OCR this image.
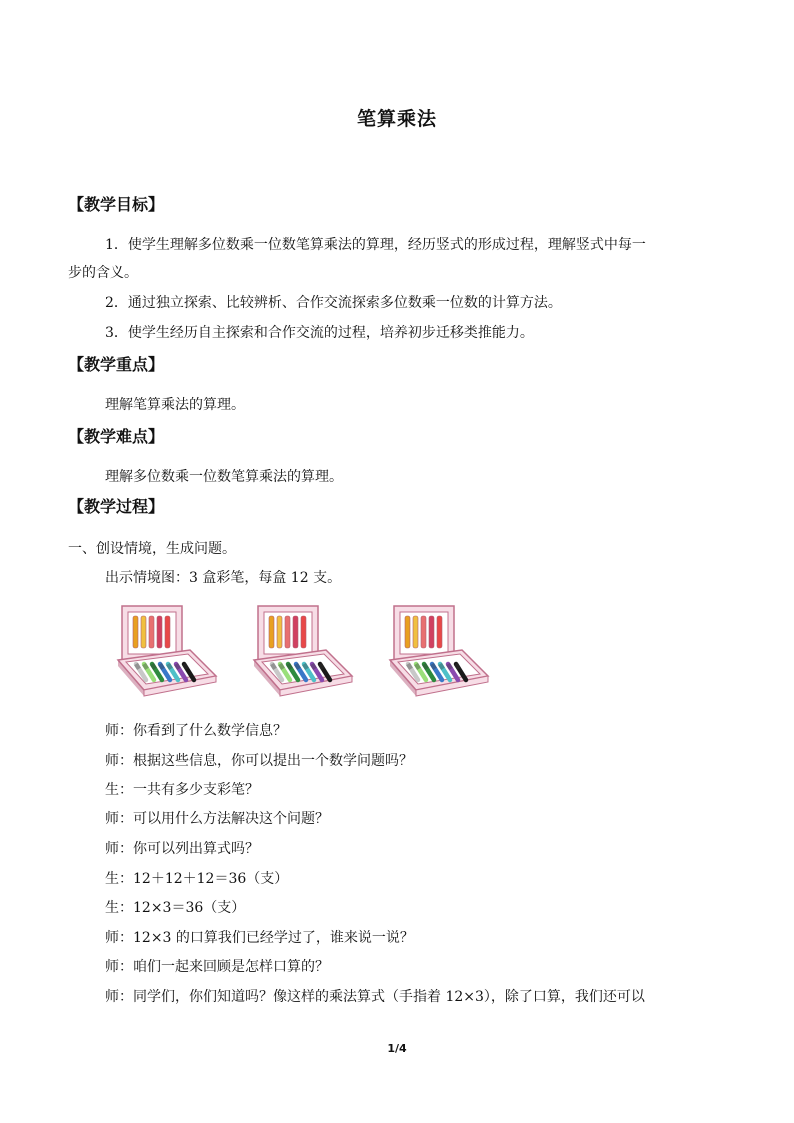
笔算乘法
【教学目标】
1．使学生理解多位数乘一位数笔算乘法的算理，经历竖式的形成过程，理解竖式中每一
步的含义。
2．通过独立探索、比较辨析、合作交流探索多位数乘一位数的计算方法。
3．使学生经历自主探索和合作交流的过程，培养初步迁移类推能力。
【教学重点】
理解笔算乘法的算理。
【教学难点】
理解多位数乘一位数笔算乘法的算理。
【教学过程】
一、创设情境，生成问题。
出示情境图：3 盒彩笔，每盒 12 支。
师：你看到了什么数学信息？
师：根据这些信息，你可以提出一个数学问题吗？
生：一共有多少支彩笔？
师：可以用什么方法解决这个问题？
师：你可以列出算式吗？
生：12＋12＋12＝36（支）
生：12×3＝36（支）
师：12×3 的口算我们已经学过了，谁来说一说？
师：咱们一起来回顾是怎样口算的？
师：同学们，你们知道吗？像这样的乘法算式（手指着 12×3），除了口算，我们还可以
1/4
